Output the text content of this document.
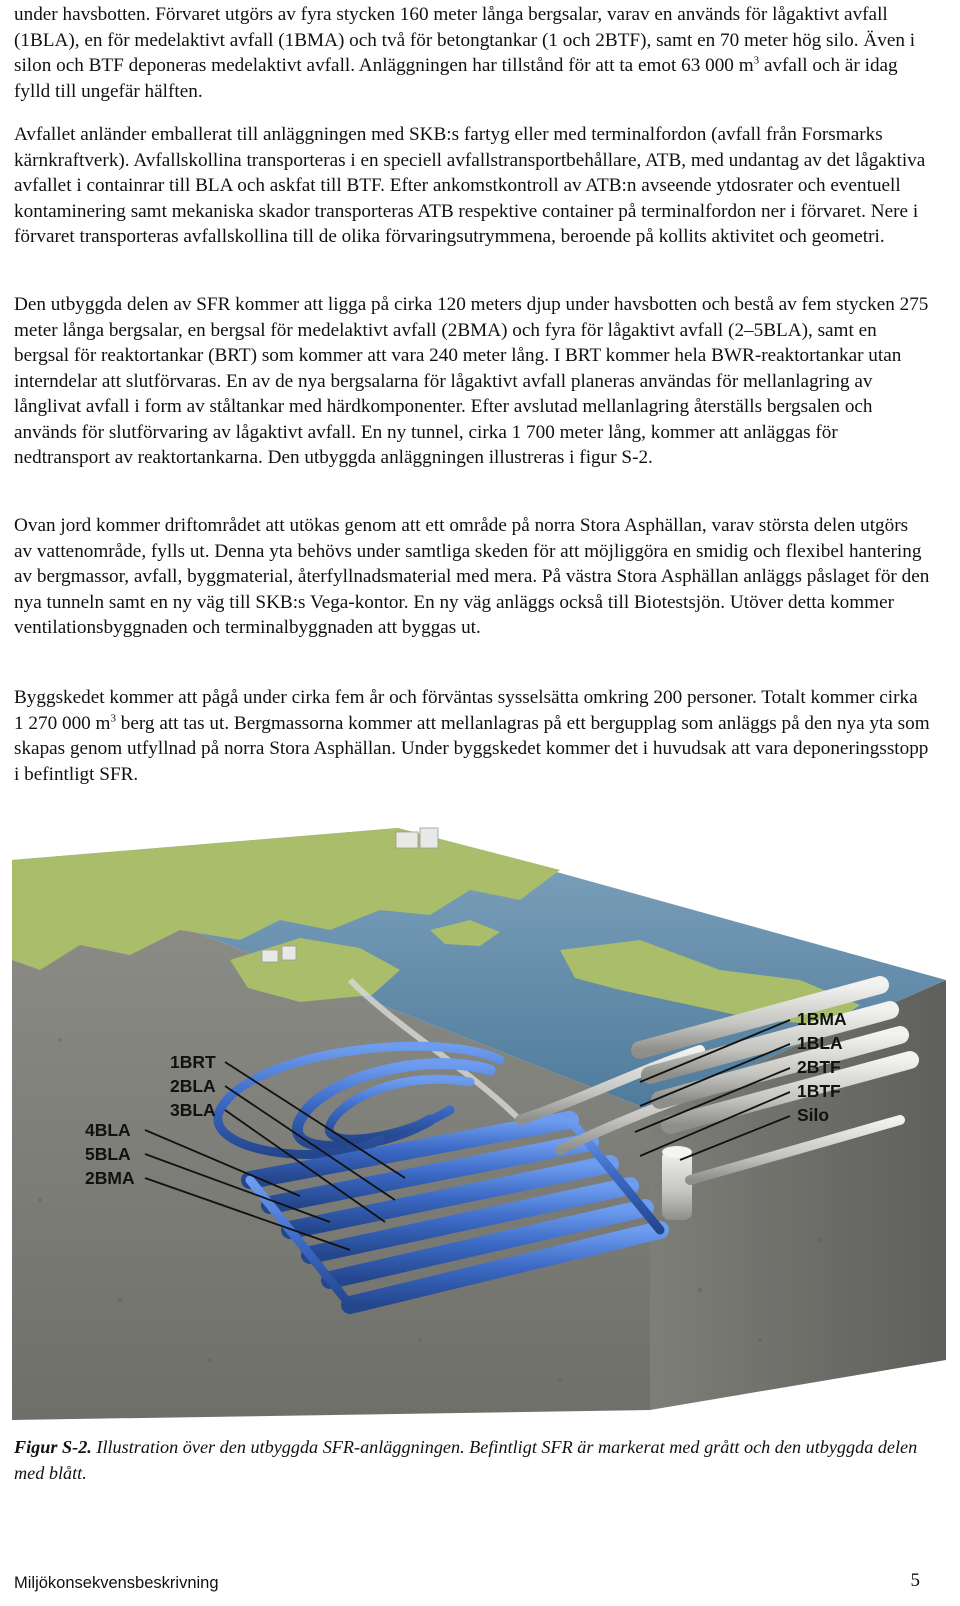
under havsbotten. Förvaret utgörs av fyra stycken 160 meter långa bergsalar, varav en används för lågaktivt avfall (1BLA), en för medelaktivt avfall (1BMA) och två för betongtankar (1 och 2BTF), samt en 70 meter hög silo. Även i silon och BTF deponeras medelaktivt avfall. Anläggningen har tillstånd för att ta emot 63 000 $m^3$ avfall och är idag fylld till ungefär hälften.

Avfallet anländer emballerat till anläggningen med SKB:s fartyg eller med terminalfordon (avfall från Forsmarks kärnkraftverk). Avfallskollina transporteras i en speciell avfallstransportbehållare, ATB, med undantag av det lågaktiva avfallet i containrar till BLA och askfat till BTF. Efter ankomstkontroll av ATB:n avseende ytdosrater och eventuell kontaminering samt mekaniska skador transporteras ATB respektive container på terminalfordon ner i förvaret. Nere i förvaret transporteras avfallskollina till de olika förvaringsutrymmena, beroende på kollits aktivitet och geometri.

Den utbyggda delen av SFR kommer att ligga på cirka 120 meters djup under havsbotten och bestå av fem stycken 275 meter långa bergsalar, en bergsal för medelaktivt avfall (2BMA) och fyra för lågaktivt avfall (2–5BLA), samt en bergsal för reaktortankar (BRT) som kommer att vara 240 meter lång. I BRT kommer hela BWR-reaktortankar utan interndelar att slutförvaras. En av de nya bergsalarna för lågaktivt avfall planeras användas för mellanlagring av långlivat avfall i form av ståltankar med härdkomponenter. Efter avslutad mellanlagring återställs bergsalen och används för slutförvaring av lågaktivt avfall. En ny tunnel, cirka 1 700 meter lång, kommer att anläggas för nedtransport av reaktortankarna. Den utbyggda anläggningen illustreras i figur S-2.

Ovan jord kommer driftområdet att utökas genom att ett område på norra Stora Asphällan, varav största delen utgörs av vattenområde, fylls ut. Denna yta behövs under samtliga skeden för att möjliggöra en smidig och flexibel hantering av bergmassor, avfall, byggmaterial, återfyllnadsmaterial med mera. På västra Stora Asphällan anläggs påslaget för den nya tunneln samt en ny väg till SKB:s Vega-kontor. En ny väg anläggs också till Biotestsjön. Utöver detta kommer ventilationsbyggnaden och terminalbyggnaden att byggas ut.

Byggskedet kommer att pågå under cirka fem år och förväntas sysselsätta omkring 200 personer. Totalt kommer cirka 1 270 000 $m^3$ berg att tas ut. Bergmassorna kommer att mellanlagras på ett bergupplag som anläggs på den nya yta som skapas genom utfyllnad på norra Stora Asphällan. Under byggskedet kommer det i huvudsak att vara deponeringsstopp i befintligt SFR.

1BMA
1BLA
2BTF
1BTF
Silo
1BRT
2BLA
3BLA
4BLA
5BLA
2BMA

Figur S-2. Illustration över den utbyggda SFR-anläggningen. Befintligt SFR är markerat med grått och den utbyggda delen med blått.

Miljökonsekvensbeskrivning	5
